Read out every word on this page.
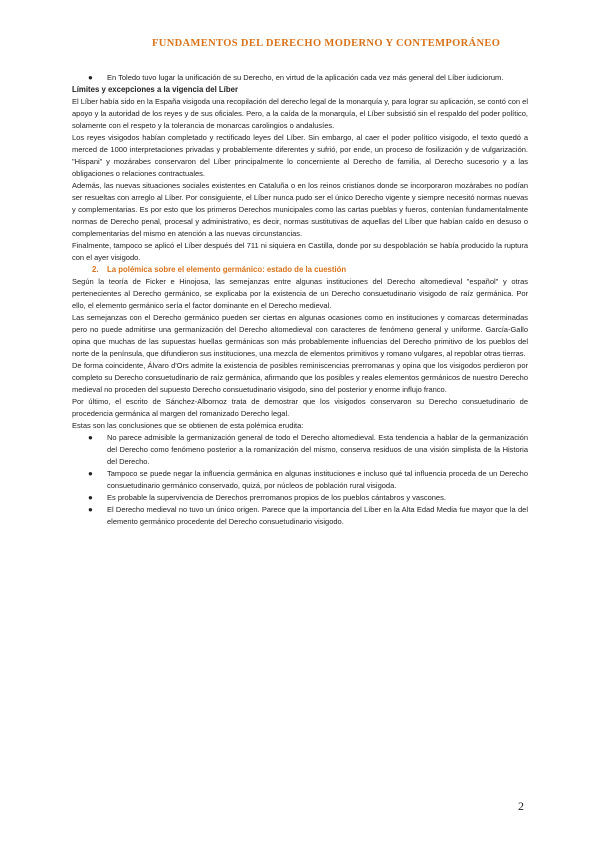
FUNDAMENTOS DEL DERECHO MODERNO Y CONTEMPORÁNEO
● En Toledo tuvo lugar la unificación de su Derecho, en virtud de la aplicación cada vez más general del Líber iudiciorum.

Límites y excepciones a la vigencia del Líber

El Líber había sido en la España visigoda una recopilación del derecho legal de la monarquía y, para lograr su aplicación, se contó con el apoyo y la autoridad de los reyes y de sus oficiales. Pero, a la caída de la monarquía, el Líber subsistió sin el respaldo del poder político, solamente con el respeto y la tolerancia de monarcas carolingios o andalusíes.

Los reyes visigodos habían completado y rectificado leyes del Líber. Sin embargo, al caer el poder político visigodo, el texto quedó a merced de 1000 interpretaciones privadas y probablemente diferentes y sufrió, por ende, un proceso de fosilización y de vulgarización. "Hispani" y mozárabes conservaron del Líber principalmente lo concerniente al Derecho de familia, al Derecho sucesorio y a las obligaciones o relaciones contractuales.

Además, las nuevas situaciones sociales existentes en Cataluña o en los reinos cristianos donde se incorporaron mozárabes no podían ser resueltas con arreglo al Líber. Por consiguiente, el Líber nunca pudo ser el único Derecho vigente y siempre necesitó normas nuevas y complementarias. Es por esto que los primeros Derechos municipales como las cartas pueblas y fueros, contenían fundamentalmente normas de Derecho penal, procesal y administrativo, es decir, normas sustitutivas de aquellas del Líber que habían caído en desuso o complementarias del mismo en atención a las nuevas circunstancias.

Finalmente, tampoco se aplicó el Líber después del 711 ni siquiera en Castilla, donde por su despoblación se había producido la ruptura con el ayer visigodo.

2. La polémica sobre el elemento germánico: estado de la cuestión

Según la teoría de Ficker e Hinojosa, las semejanzas entre algunas instituciones del Derecho altomedieval "español" y otras pertenecientes al Derecho germánico, se explicaba por la existencia de un Derecho consuetudinario visigodo de raíz germánica. Por ello, el elemento germánico sería el factor dominante en el Derecho medieval.

Las semejanzas con el Derecho germánico pueden ser ciertas en algunas ocasiones como en instituciones y comarcas determinadas pero no puede admitirse una germanización del Derecho altomedieval con caracteres de fenómeno general y uniforme. García-Gallo opina que muchas de las supuestas huellas germánicas son más probablemente influencias del Derecho primitivo de los pueblos del norte de la península, que difundieron sus instituciones, una mezcla de elementos primitivos y romano vulgares, al repoblar otras tierras.

De forma coincidente, Álvaro d'Ors admite la existencia de posibles reminiscencias prerromanas y opina que los visigodos perdieron por completo su Derecho consuetudinario de raíz germánica, afirmando que los posibles y reales elementos germánicos de nuestro Derecho medieval no proceden del supuesto Derecho consuetudinario visigodo, sino del posterior y enorme influjo franco.

Por último, el escrito de Sánchez-Albornoz trata de demostrar que los visigodos conservaron su Derecho consuetudinario de procedencia germánica al margen del romanizado Derecho legal.

Estas son las conclusiones que se obtienen de esta polémica erudita:

● No parece admisible la germanización general de todo el Derecho altomedieval. Esta tendencia a hablar de la germanización del Derecho como fenómeno posterior a la romanización del mismo, conserva residuos de una visión simplista de la Historia del Derecho.
● Tampoco se puede negar la influencia germánica en algunas instituciones e incluso qué tal influencia proceda de un Derecho consuetudinario germánico conservado, quizá, por núcleos de población rural visigoda.
● Es probable la supervivencia de Derechos prerromanos propios de los pueblos cántabros y vascones.
● El Derecho medieval no tuvo un único origen. Parece que la importancia del Líber en la Alta Edad Media fue mayor que la del elemento germánico procedente del Derecho consuetudinario visigodo.
2
